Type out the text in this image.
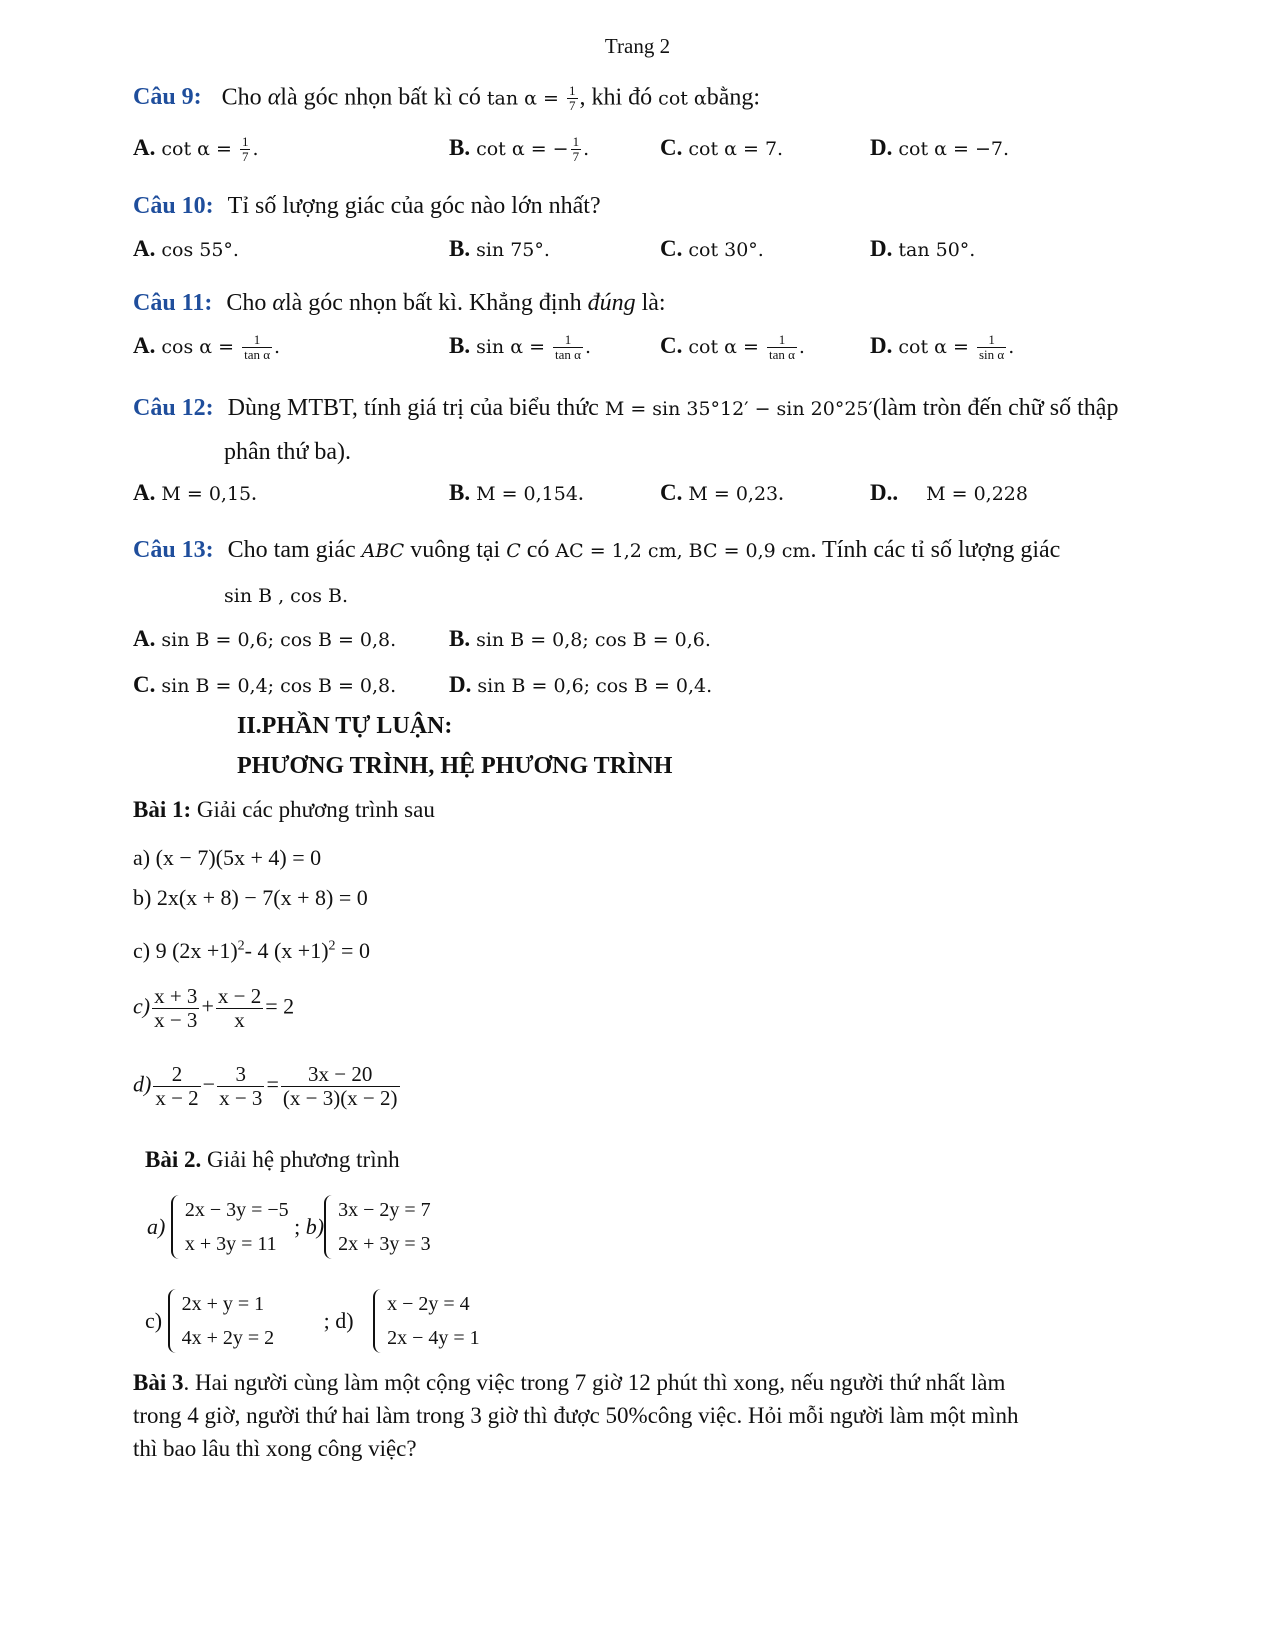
Trang 2
Câu 9: Cho αlà góc nhọn bất kì có $\tan \alpha = \frac{1}{7}$ , khi đó cot αbằng:
A. $\cot \alpha = \frac{1}{7}$ .	B. cot α = − $\frac{1}{7}$ .	C. cot α = 7.	D. cot α = −7.
Câu 10: Tỉ số lượng giác của góc nào lớn nhất?
A. cos 55°.	B. sin 75°.	C. cot 30°.	D. tan 50°.
Câu 11: Cho αlà góc nhọn bất kì. Khẳng định đúng là:
A. $\cos \alpha = \frac{1}{\text{tan α}}$ .	B. $\sin \alpha = \frac{1}{\text{tan α}}$ .	C. $\cot \alpha = \frac{1}{\text{tan α}}$ .	D. $\cot \alpha = \frac{1}{\text{sin α}}$ .
Câu 12: Dùng MTBT, tính giá trị của biểu thức M = sin 35°12′ − sin 20°25′(làm tròn đến chữ số thập
phân thứ ba).
A. M = 0,15.	B. M = 0,154.	C. M = 0,23.	D.. M = 0,228
Câu 13: Cho tam giác ABC vuông tại C có AC = 1,2 cm, BC = 0,9 cm. Tính các tỉ số lượng giác
sin B , cos B.
A. sin B = 0,6; cos B = 0,8. B. sin B = 0,8; cos B = 0,6.
C. sin B = 0,4; cos B = 0,8. D. sin B = 0,6; cos B = 0,4.
II.PHẦN TỰ LUẬN:
PHƯƠNG TRÌNH, HỆ PHƯƠNG TRÌNH
Bài 1: Giải các phương trình sau
a) (x − 7)(5x + 4) = 0
b) 2x(x + 8) − 7(x + 8) = 0
c) 9 $(2x +1)^2-$ 4 $(x +1)^2 = 0$
$c) \frac{x + 3}{x - 3} + \frac{x - 2}{x} = 2$
$d) \frac{2}{x - 2} - \frac{3}{x - 3} = \frac{3x - 20}{(x - 3)(x - 2)}$
Bài 2. Giải hệ phương trình
a)
2x − 3y = −5
x + 3y = 11
; b)
3x − 2y = 7
2x + 3y = 3
c)
2x + y = 1
4x + 2y = 2
; d)
x − 2y = 4
2x − 4y = 1
Bài 3. Hai người cùng làm một cộng việc trong 7 giờ 12 phút thì xong, nếu người thứ nhất làm
trong 4 giờ, người thứ hai làm trong 3 giờ thì được 50%công việc. Hỏi mỗi người làm một mình
thì bao lâu thì xong công việc?
